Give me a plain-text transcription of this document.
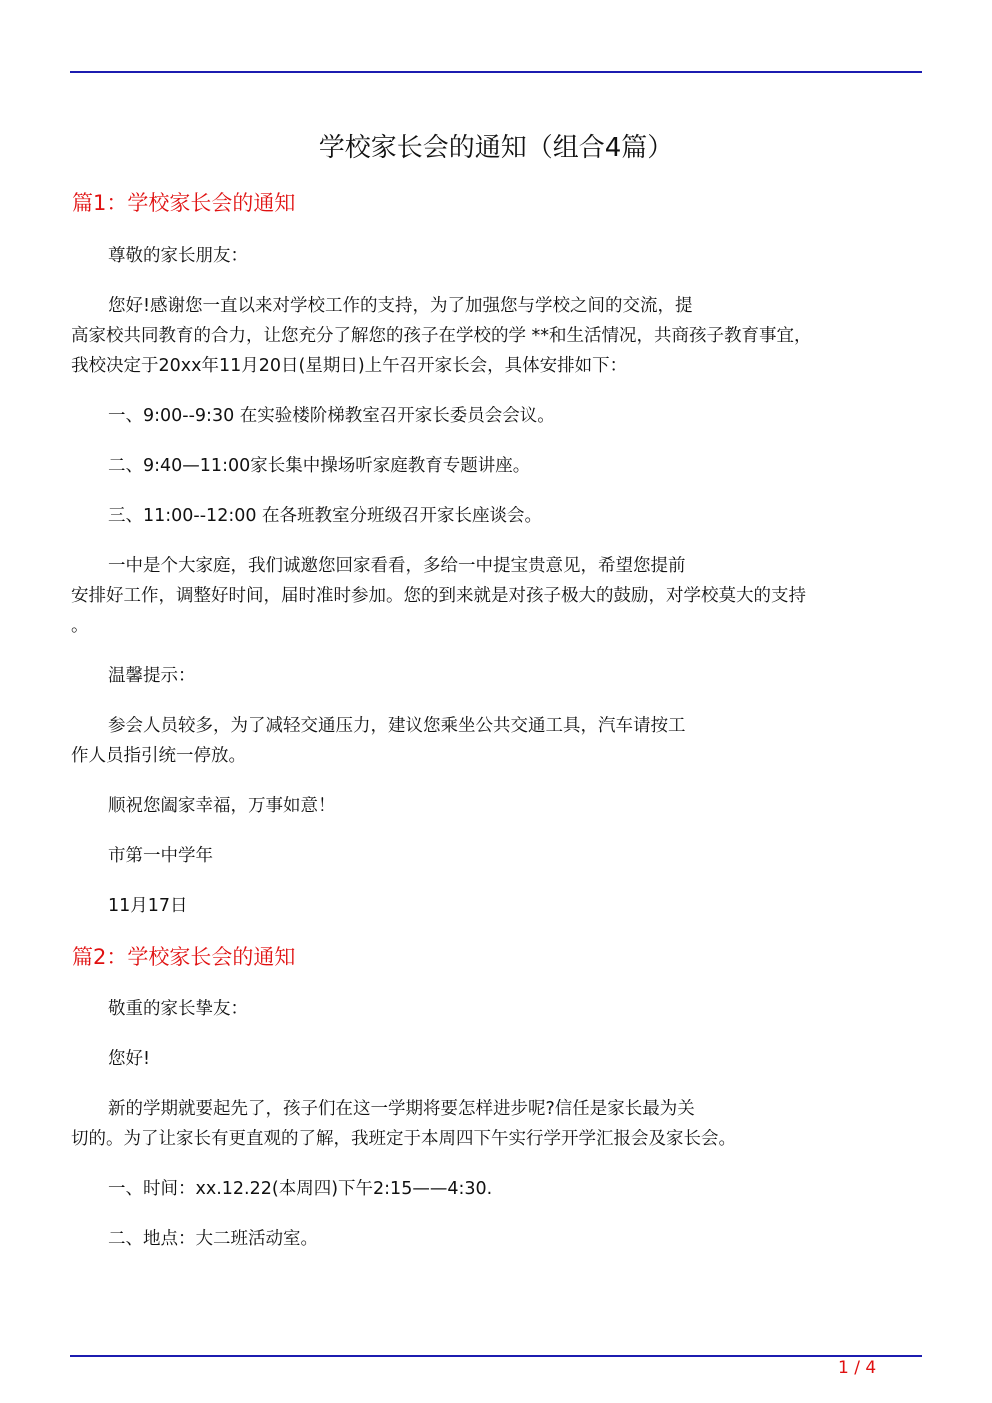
学校家长会的通知（组合4篇）
篇1：学校家长会的通知
尊敬的家长朋友：
您好!感谢您一直以来对学校工作的支持，为了加强您与学校之间的交流，提
高家校共同教育的合力，让您充分了解您的孩子在学校的学 **和生活情况，共商孩子教育事宜，
我校决定于20xx年11月20日(星期日)上午召开家长会，具体安排如下：
一、9:00--9:30 在实验楼阶梯教室召开家长委员会会议。
二、9:40—11:00家长集中操场听家庭教育专题讲座。
三、11:00--12:00 在各班教室分班级召开家长座谈会。
一中是个大家庭，我们诚邀您回家看看，多给一中提宝贵意见，希望您提前
安排好工作，调整好时间，届时准时参加。您的到来就是对孩子极大的鼓励，对学校莫大的支持
。
温馨提示：
参会人员较多，为了减轻交通压力，建议您乘坐公共交通工具，汽车请按工
作人员指引统一停放。
顺祝您阖家幸福，万事如意！
市第一中学年
11月17日
篇2：学校家长会的通知
敬重的家长挚友：
您好!
新的学期就要起先了，孩子们在这一学期将要怎样进步呢?信任是家长最为关
切的。为了让家长有更直观的了解，我班定于本周四下午实行学开学汇报会及家长会。
一、时间：xx.12.22(本周四)下午2:15——4:30.
二、地点：大二班活动室。
1 / 4
